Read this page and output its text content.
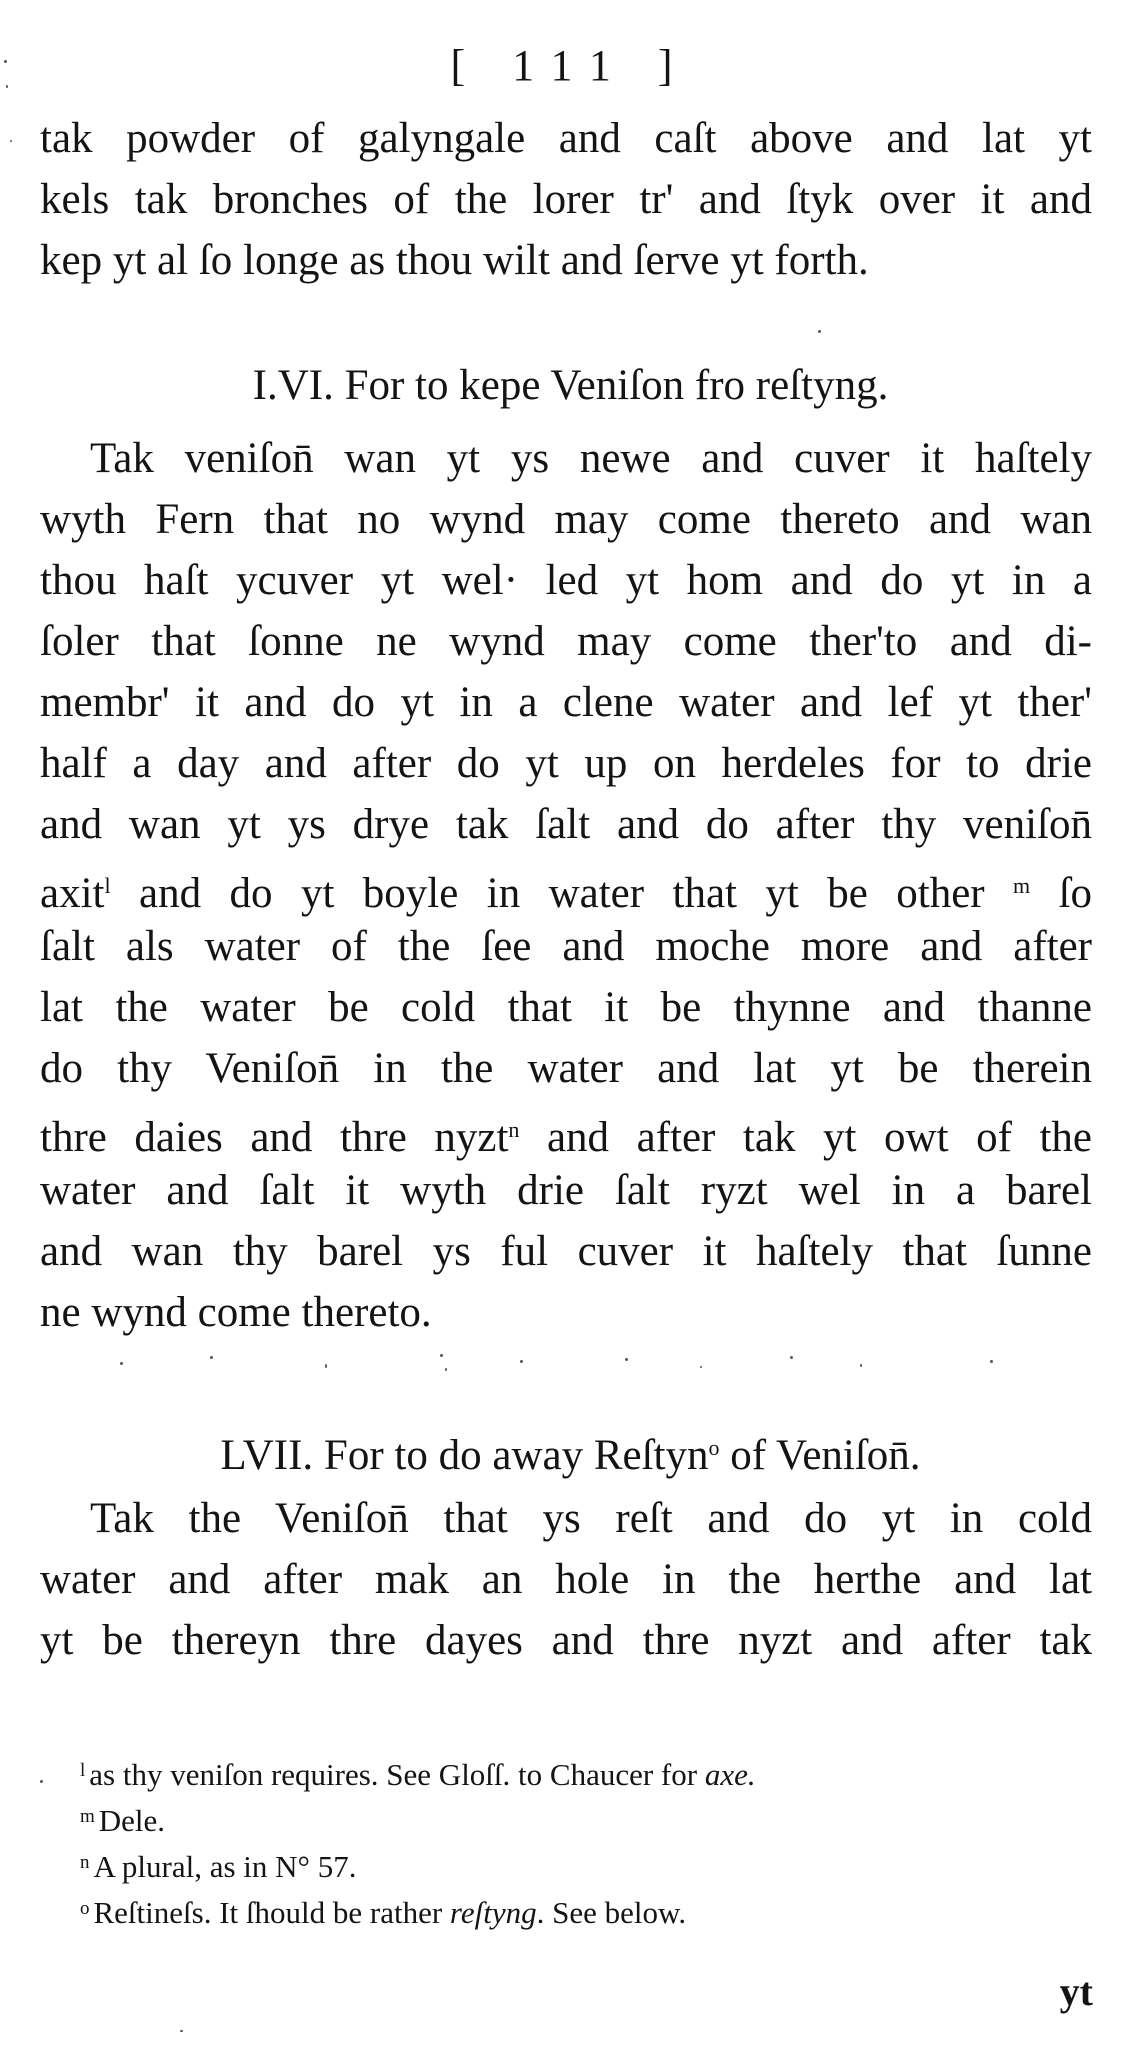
[ 111 ]
tak powder of galyngale and caſt above and lat yt
kels tak bronches of the lorer tr' and ſtyk over it and
kep yt al ſo longe as thou wilt and ſerve yt forth.
I.VI. For to kepe Veniſon fro reſtyng.
Tak veniſon̄ wan yt ys newe and cuver it haſtely
wyth Fern that no wynd may come thereto and wan
thou haſt ycuver yt wel· led yt hom and do yt in a
ſoler that ſonne ne wynd may come ther'to and di-
membr' it and do yt in a clene water and lef yt ther'
half a day and after do yt up on herdeles for to drie
and wan yt ys drye tak ſalt and do after thy veniſon̄
axit$^l$ and do yt boyle in water that yt be other $^m$ ſo
ſalt als water of the ſee and moche more and after
lat the water be cold that it be thynne and thanne
do thy Veniſon̄ in the water and lat yt be therein
thre daies and thre nyzt$^n$ and after tak yt owt of the
water and ſalt it wyth drie ſalt ryzt wel in a barel
and wan thy barel ys ful cuver it haſtely that ſunne
ne wynd come thereto.
LVII. For to do away Reſtyn$^o$ of Veniſon̄.
Tak the Veniſon̄ that ys reſt and do yt in cold
water and after mak an hole in the herthe and lat
yt be thereyn thre dayes and thre nyzt and after tak
$^l$ as thy veniſon requires. See Gloſſ. to Chaucer for axe.
$^m$ Dele.
$^n$ A plural, as in N° 57.
$^o$ Reſtineſs. It ſhould be rather reſtyng. See below.
yt
